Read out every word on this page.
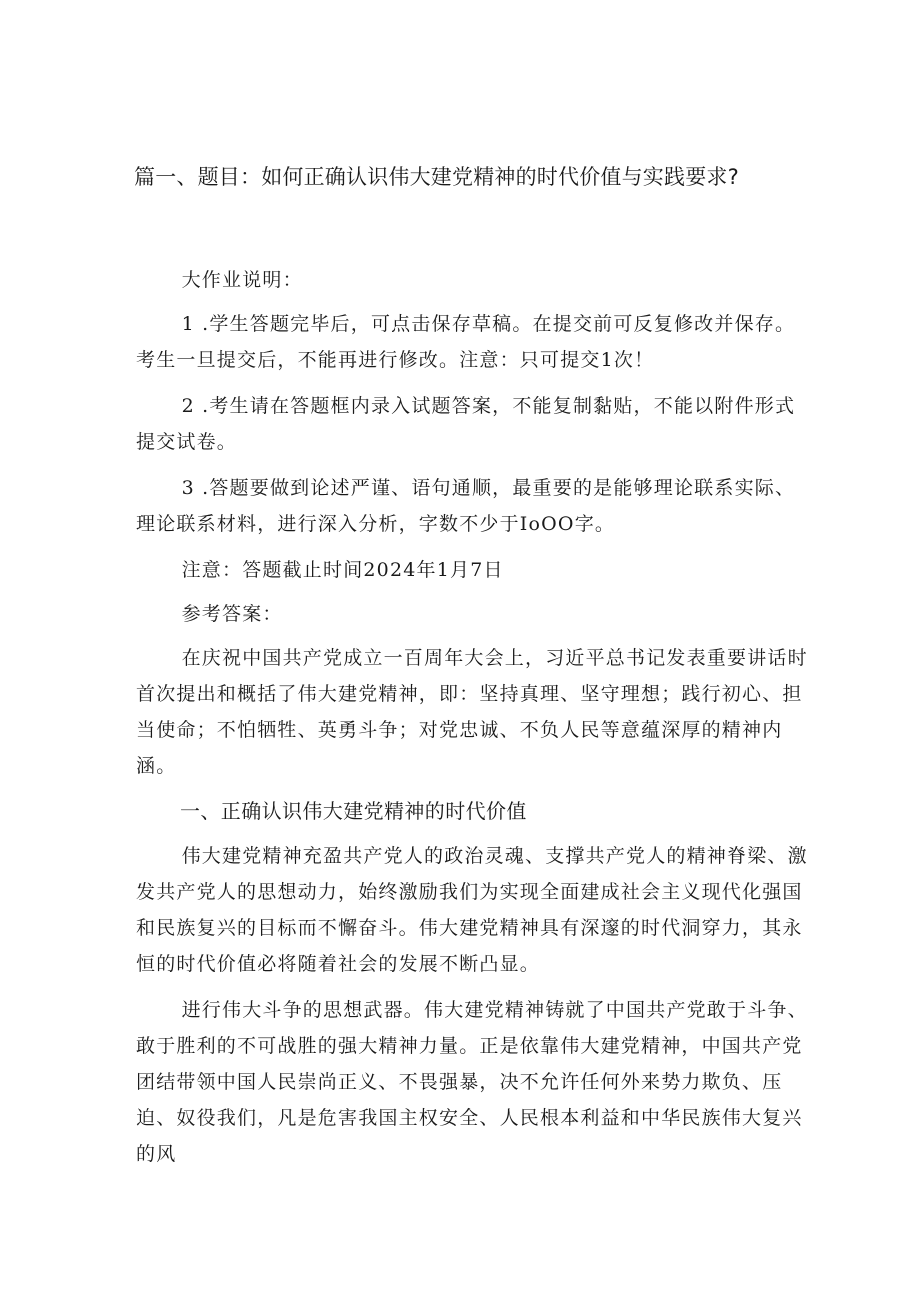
篇一、题目：如何正确认识伟大建党精神的时代价值与实践要求?

大作业说明：

1 .学生答题完毕后，可点击保存草稿。在提交前可反复修改并保存。考生一旦提交后，不能再进行修改。注意：只可提交1次！

2 .考生请在答题框内录入试题答案，不能复制黏贴，不能以附件形式提交试卷。

3 .答题要做到论述严谨、语句通顺，最重要的是能够理论联系实际、理论联系材料，进行深入分析，字数不少于IoOO字。

注意：答题截止时间2024年1月7日

参考答案：

在庆祝中国共产党成立一百周年大会上，习近平总书记发表重要讲话时首次提出和概括了伟大建党精神，即：坚持真理、坚守理想；践行初心、担当使命；不怕牺牲、英勇斗争；对党忠诚、不负人民等意蕴深厚的精神内涵。

一、正确认识伟大建党精神的时代价值

伟大建党精神充盈共产党人的政治灵魂、支撑共产党人的精神脊梁、激发共产党人的思想动力，始终激励我们为实现全面建成社会主义现代化强国和民族复兴的目标而不懈奋斗。伟大建党精神具有深邃的时代洞穿力，其永恒的时代价值必将随着社会的发展不断凸显。

进行伟大斗争的思想武器。伟大建党精神铸就了中国共产党敢于斗争、敢于胜利的不可战胜的强大精神力量。正是依靠伟大建党精神，中国共产党团结带领中国人民崇尚正义、不畏强暴，决不允许任何外来势力欺负、压迫、奴役我们，凡是危害我国主权安全、人民根本利益和中华民族伟大复兴的风
